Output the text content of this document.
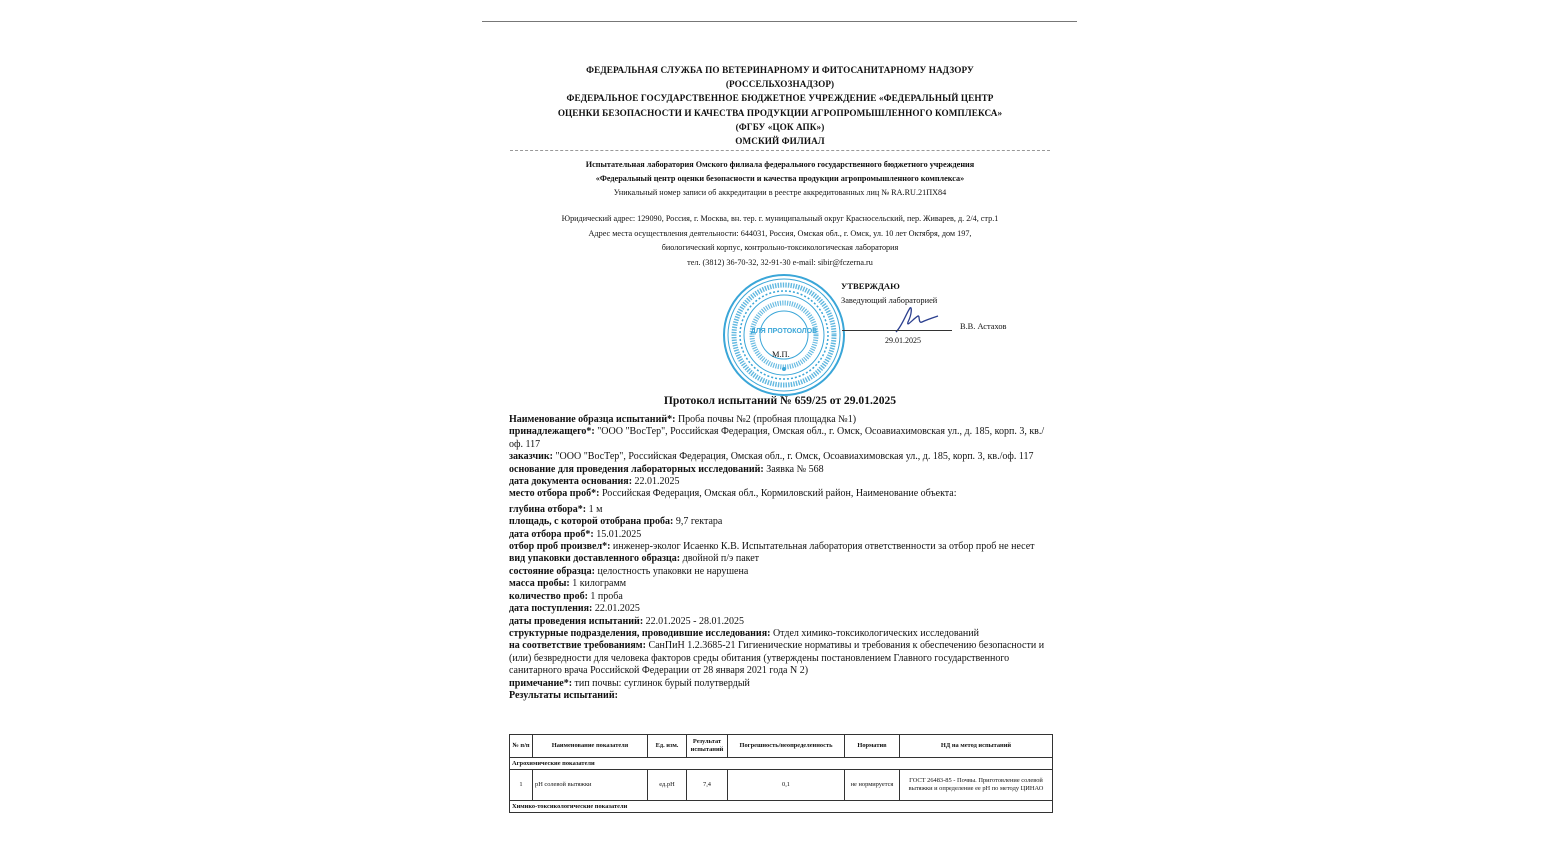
ФЕДЕРАЛЬНАЯ СЛУЖБА ПО ВЕТЕРИНАРНОМУ И ФИТОСАНИТАРНОМУ НАДЗОРУ
(РОССЕЛЬХОЗНАДЗОР)
ФЕДЕРАЛЬНОЕ ГОСУДАРСТВЕННОЕ БЮДЖЕТНОЕ УЧРЕЖДЕНИЕ «ФЕДЕРАЛЬНЫЙ ЦЕНТР
ОЦЕНКИ БЕЗОПАСНОСТИ И КАЧЕСТВА ПРОДУКЦИИ АГРОПРОМЫШЛЕННОГО КОМПЛЕКСА»
(ФГБУ «ЦОК АПК»)
ОМСКИЙ ФИЛИАЛ
Испытательная лаборатория Омского филиала федерального государственного бюджетного учреждения
«Федеральный центр оценки безопасности и качества продукции агропромышленного комплекса»
Уникальный номер записи об аккредитации в реестре аккредитованных лиц № RA.RU.21ПХ84
Юридический адрес: 129090, Россия, г. Москва, вн. тер. г. муниципальный округ Красносельский, пер. Живарев, д. 2/4, стр.1
Адрес места осуществления деятельности: 644031, Россия, Омская обл., г. Омск, ул. 10 лет Октября, дом 197,
биологический корпус, контрольно-токсикологическая лаборатория
тел. (3812) 36-70-32, 32-91-30 e-mail: sibir@fczerna.ru
ДЛЯ ПРОТОКОЛОВ
УТВЕРЖДАЮ
Заведующий лабораторией
В.В. Астахов
29.01.2025
М.П.
Протокол испытаний № 659/25 от 29.01.2025

Наименование образца испытаний*: Проба почвы №2 (пробная площадка №1)

принадлежащего*: "ООО "ВосТер", Российская Федерация, Омская обл., г. Омск, Осоавиахимовская ул., д. 185, корп. 3, кв./оф. 117

заказчик: "ООО "ВосТер", Российская Федерация, Омская обл., г. Омск, Осоавиахимовская ул., д. 185, корп. 3, кв./оф. 117

основание для проведения лабораторных исследований: Заявка № 568

дата документа основания: 22.01.2025

место отбора проб*: Российская Федерация, Омская обл., Кормиловский район, Наименование объекта:

глубина отбора*: 1 м

площадь, с которой отобрана проба: 9,7 гектара

дата отбора проб*: 15.01.2025

отбор проб произвел*: инженер-эколог Исаенко К.В. Испытательная лаборатория ответственности за отбор проб не несет

вид упаковки доставленного образца: двойной п/э пакет

состояние образца: целостность упаковки не нарушена

масса пробы: 1 килограмм

количество проб: 1 проба

дата поступления: 22.01.2025

даты проведения испытаний: 22.01.2025 - 28.01.2025

структурные подразделения, проводившие исследования: Отдел химико-токсикологических исследований

на соответствие требованиям: СанПиН 1.2.3685-21 Гигиенические нормативы и требования к обеспечению безопасности и (или) безвредности для человека факторов среды обитания (утверждены постановлением Главного государственного санитарного врача Российской Федерации от 28 января 2021 года N 2)

примечание*: тип почвы: суглинок бурый полутвердый

Результаты испытаний:

№ п/п	Наименование показателя	Ед. изм.	Результат испытаний	Погрешность/неопределенность	Норматив	НД на метод испытаний
Агрохимические показатели						
1	pH солевой вытяжки	ед.pH	7,4	0,1	не нормируется	ГОСТ 26483-85 - Почвы. Приготовление солевой вытяжки и определение ее pH по методу ЦИНАО
Химико-токсикологические показатели						
